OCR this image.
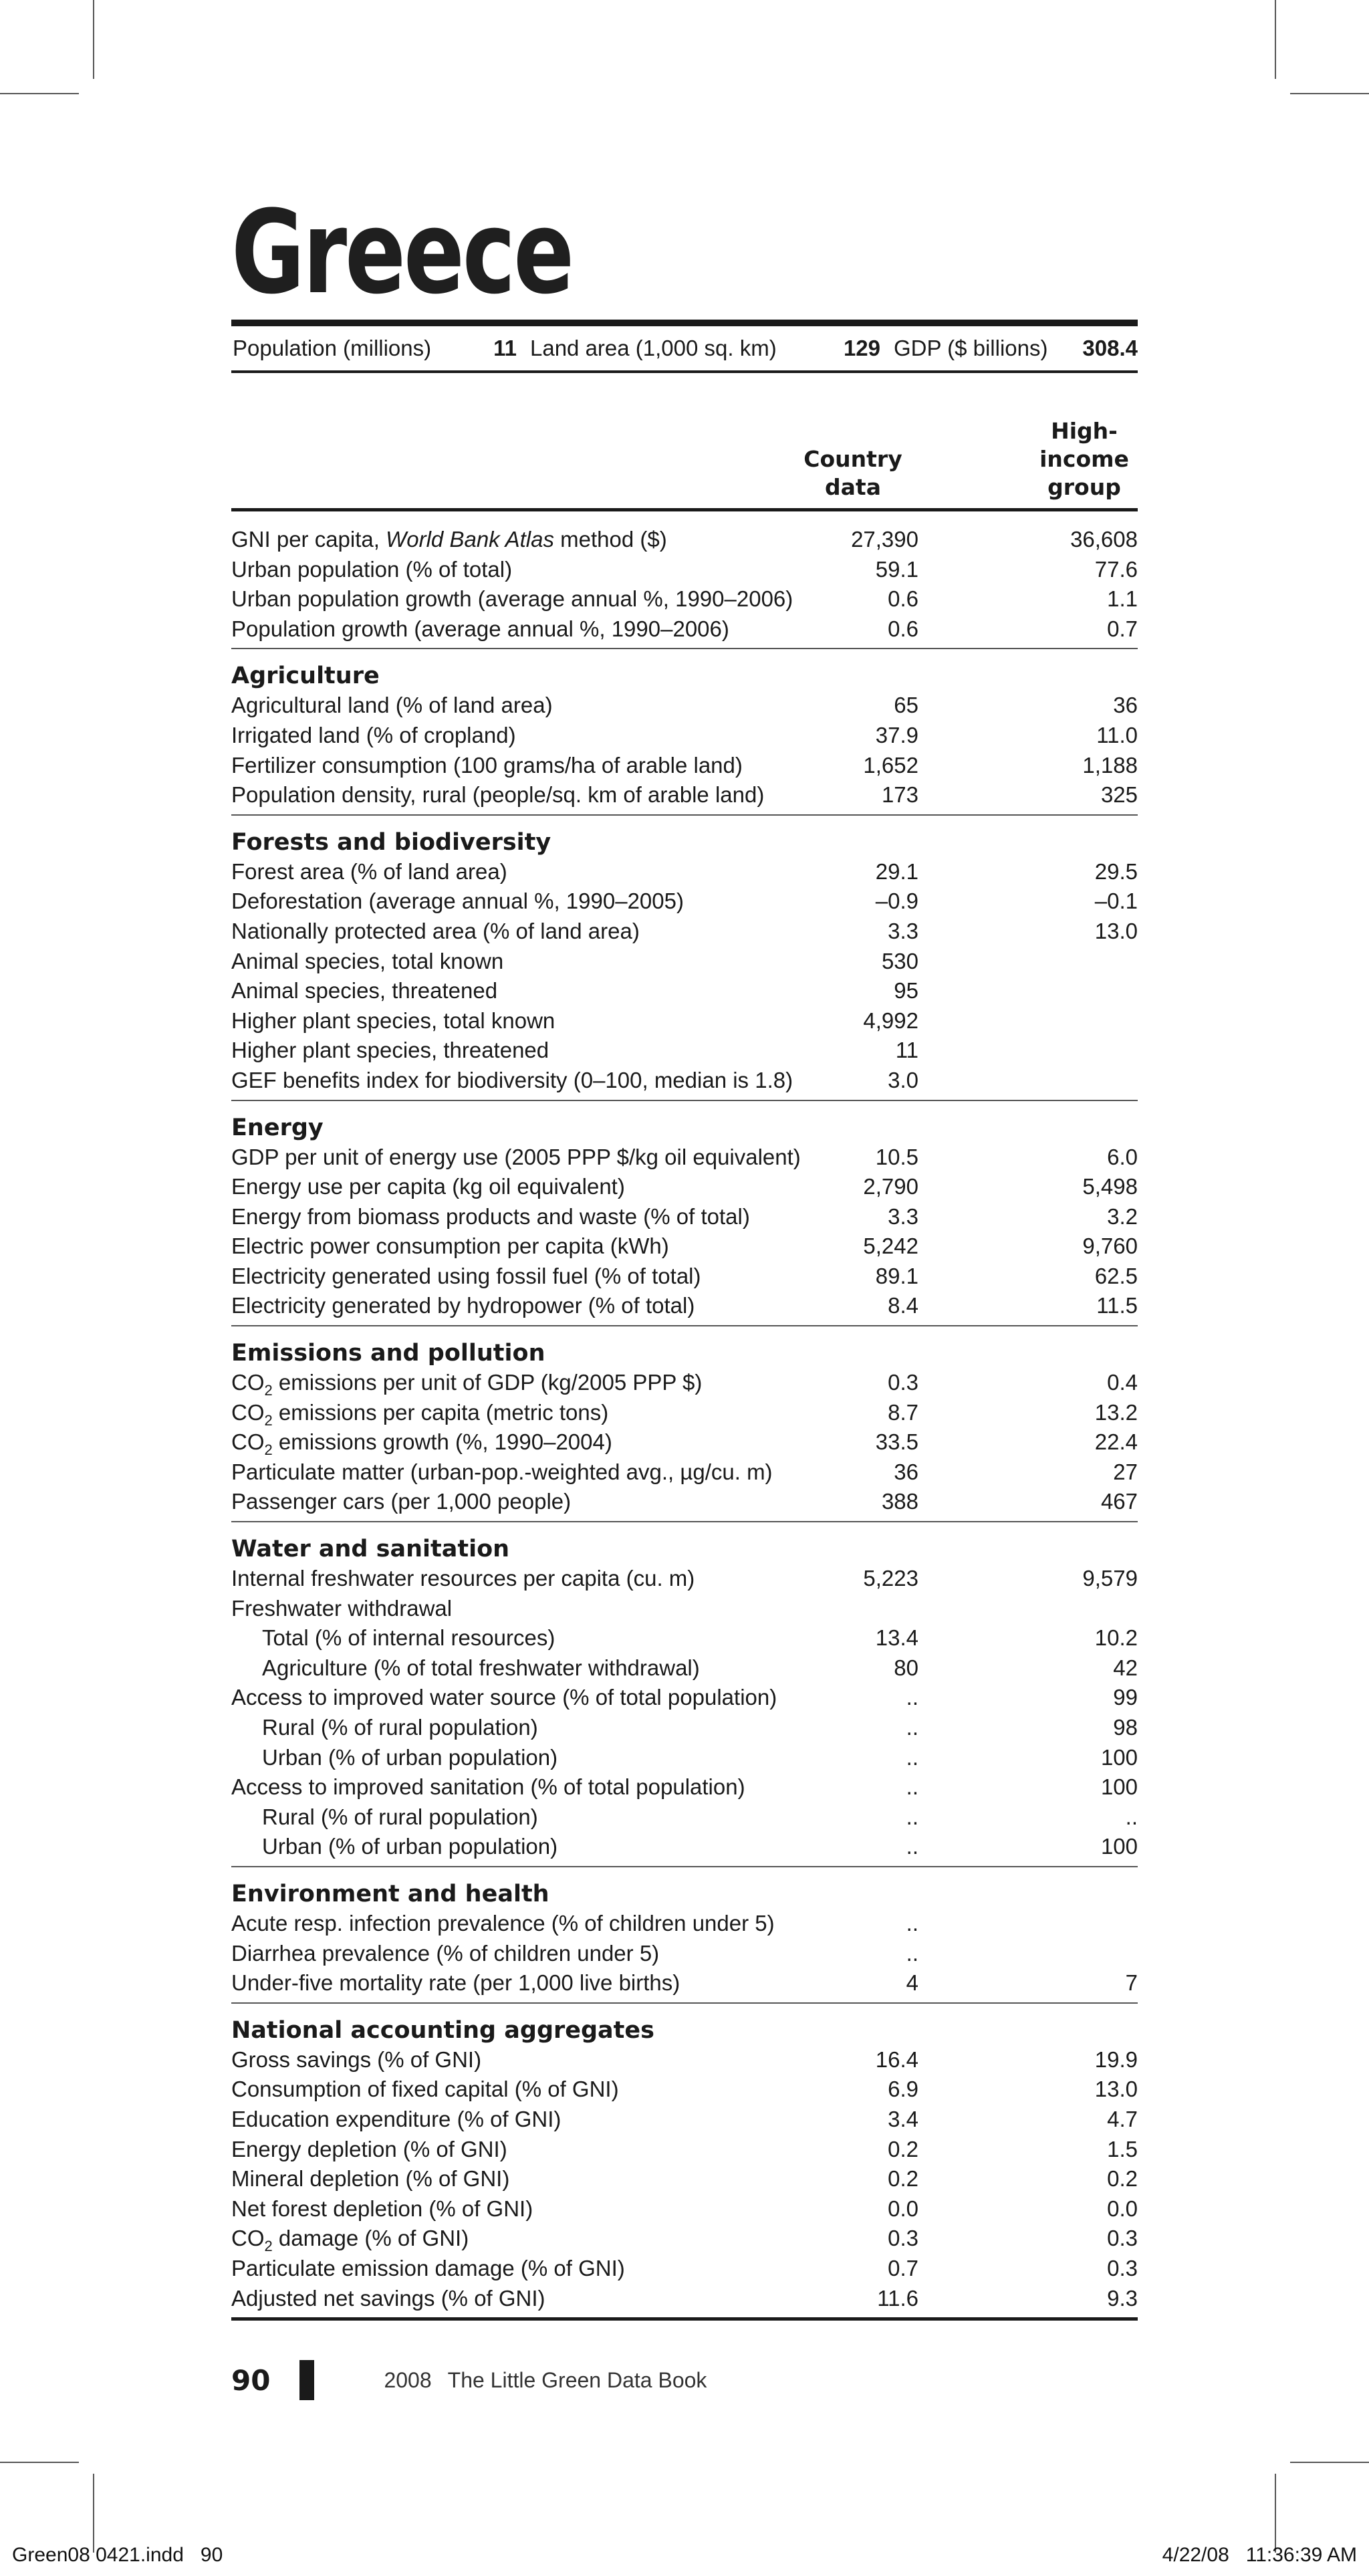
Greece
Population (millions)	11 Land area (1,000 sq. km)	129 GDP ($ billions) 308.4
Country
data
High-
income
group
GNI per capita, World Bank Atlas method ($)	27,390	36,608
Urban population (% of total)	59.1	77.6
Urban population growth (average annual %, 1990–2006)	0.6	1.1
Population growth (average annual %, 1990–2006)	0.6	0.7
Agriculture
Agricultural land (% of land area)	65	36
Irrigated land (% of cropland)	37.9	11.0
Fertilizer consumption (100 grams/ha of arable land)	1,652	1,188
Population density, rural (people/sq. km of arable land)	173	325
Forests and biodiversity
Forest area (% of land area)	29.1	29.5
Deforestation (average annual %, 1990–2005)	–0.9	–0.1
Nationally protected area (% of land area)	3.3	13.0
Animal species, total known	530
Animal species, threatened	95
Higher plant species, total known	4,992
Higher plant species, threatened	11
GEF benefits index for biodiversity (0–100, median is 1.8)	3.0
Energy
GDP per unit of energy use (2005 PPP $/kg oil equivalent)	10.5	6.0
Energy use per capita (kg oil equivalent)	2,790	5,498
Energy from biomass products and waste (% of total)	3.3	3.2
Electric power consumption per capita (kWh)	5,242	9,760
Electricity generated using fossil fuel (% of total)	89.1	62.5
Electricity generated by hydropower (% of total)	8.4	11.5
Emissions and pollution
$CO_2$ emissions per unit of GDP (kg/2005 PPP $)	0.3	0.4
$CO_2$ emissions per capita (metric tons)	8.7	13.2
$CO_2$ emissions growth (%, 1990–2004)	33.5	22.4
Particulate matter (urban-pop.-weighted avg., µg/cu. m)	36	27
Passenger cars (per 1,000 people)	388	467
Water and sanitation
Internal freshwater resources per capita (cu. m)	5,223	9,579
Freshwater withdrawal
Total (% of internal resources)	13.4	10.2
Agriculture (% of total freshwater withdrawal)	80	42
Access to improved water source (% of total population)	..	99
Rural (% of rural population)	..	98
Urban (% of urban population)	..	100
Access to improved sanitation (% of total population)	..	100
Rural (% of rural population)	..	..
Urban (% of urban population)	..	100
Environment and health
Acute resp. infection prevalence (% of children under 5)	..
Diarrhea prevalence (% of children under 5)	..
Under-five mortality rate (per 1,000 live births)	4	7
National accounting aggregates
Gross savings (% of GNI)	16.4	19.9
Consumption of fixed capital (% of GNI)	6.9	13.0
Education expenditure (% of GNI)	3.4	4.7
Energy depletion (% of GNI)	0.2	1.5
Mineral depletion (% of GNI)	0.2	0.2
Net forest depletion (% of GNI)	0.0	0.0
$CO_2$ damage (% of GNI)	0.3	0.3
Particulate emission damage (% of GNI)	0.7	0.3
Adjusted net savings (% of GNI)	11.6	9.3
90	2008 The Little Green Data Book
Green08 0421.indd   90	4/22/08   11:36:39 AM
